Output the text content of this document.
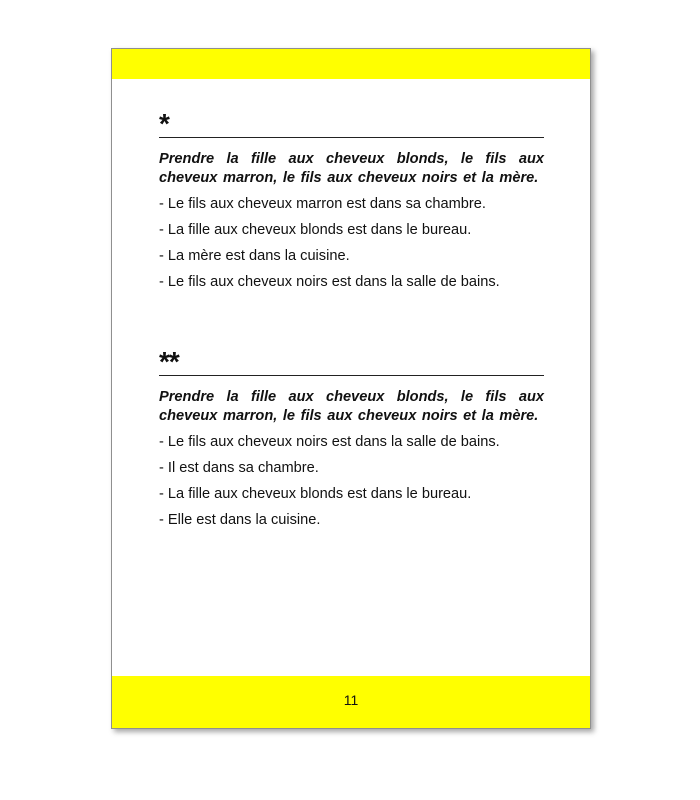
*

Prendre la fille aux cheveux blonds, le fils aux cheveux marron, le fils aux cheveux noirs et la mère.

- Le fils aux cheveux marron est dans sa chambre.
- La fille aux cheveux blonds est dans le bureau.
- La mère est dans la cuisine.
- Le fils aux cheveux noirs est dans la salle de bains.
**

Prendre la fille aux cheveux blonds, le fils aux cheveux marron, le fils aux cheveux noirs et la mère.

- Le fils aux cheveux noirs est dans la salle de bains.
- Il est dans sa chambre.
- La fille aux cheveux blonds est dans le bureau.
- Elle est dans la cuisine.
11
